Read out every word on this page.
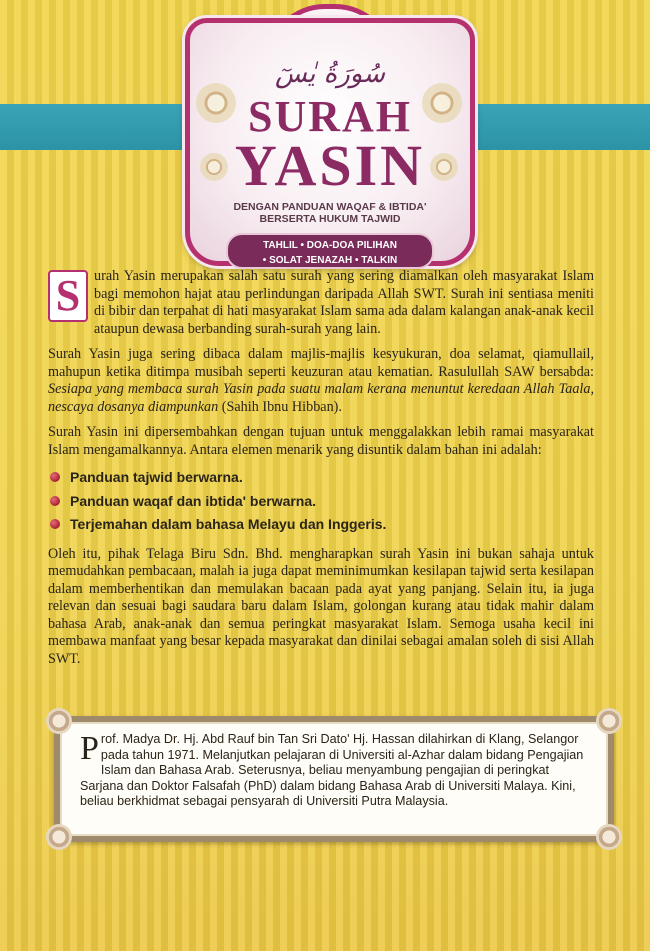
سُورَةُ يٰسٓ
SURAH
YASIN
DENGAN PANDUAN WAQAF & IBTIDA'
BERSERTA HUKUM TAJWID
TAHLIL • DOA-DOA PILIHAN
• SOLAT JENAZAH • TALKIN

S urah Yasin merupakan salah satu surah yang sering diamalkan oleh masyarakat Islam bagi memohon hajat atau perlindungan daripada Allah SWT. Surah ini sentiasa meniti di bibir dan terpahat di hati masyarakat Islam sama ada dalam kalangan anak-anak kecil ataupun dewasa berbanding surah-surah yang lain.

Surah Yasin juga sering dibaca dalam majlis-majlis kesyukuran, doa selamat, qiamullail, mahupun ketika ditimpa musibah seperti keuzuran atau kematian. Rasulullah SAW bersabda: Sesiapa yang membaca surah Yasin pada suatu malam kerana menuntut keredaan Allah Taala, nescaya dosanya diampunkan (Sahih Ibnu Hibban).

Surah Yasin ini dipersembahkan dengan tujuan untuk menggalakkan lebih ramai masyarakat Islam mengamalkannya. Antara elemen menarik yang disuntik dalam bahan ini adalah:

Panduan tajwid berwarna.
Panduan waqaf dan ibtida' berwarna.
Terjemahan dalam bahasa Melayu dan Inggeris.

Oleh itu, pihak Telaga Biru Sdn. Bhd. mengharapkan surah Yasin ini bukan sahaja untuk memudahkan pembacaan, malah ia juga dapat meminimumkan kesilapan tajwid serta kesilapan dalam memberhentikan dan memulakan bacaan pada ayat yang panjang. Selain itu, ia juga relevan dan sesuai bagi saudara baru dalam Islam, golongan kurang atau tidak mahir dalam bahasa Arab, anak-anak dan semua peringkat masyarakat Islam. Semoga usaha kecil ini membawa manfaat yang besar kepada masyarakat dan dinilai sebagai amalan soleh di sisi Allah SWT.

Prof. Madya Dr. Hj. Abd Rauf bin Tan Sri Dato' Hj. Hassan dilahirkan di Klang, Selangor pada tahun 1971. Melanjutkan pelajaran di Universiti al-Azhar dalam bidang Pengajian Islam dan Bahasa Arab. Seterusnya, beliau menyambung pengajian di peringkat Sarjana dan Doktor Falsafah (PhD) dalam bidang Bahasa Arab di Universiti Malaya. Kini, beliau berkhidmat sebagai pensyarah di Universiti Putra Malaysia.
